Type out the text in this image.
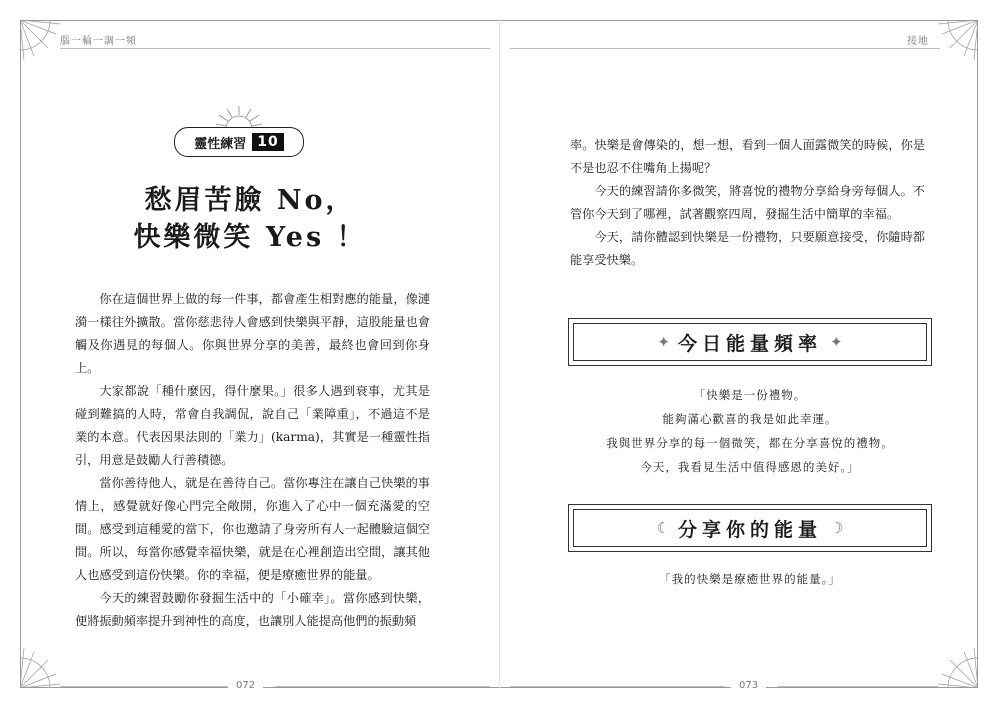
腦一輪一調一頻	接地
靈性練習 10
愁眉苦臉 No，
快樂微笑 Yes ！

你在這個世界上做的每一件事，都會產生相對應的能量，像漣漪一樣往外擴散。當你慈悲待人會感到快樂與平靜，這股能量也會觸及你遇見的每個人。你與世界分享的美善，最終也會回到你身上。

大家都說「種什麼因，得什麼果。」很多人遇到衰事，尤其是碰到難搞的人時，常會自我調侃，說自己「業障重」，不過這不是業的本意。代表因果法則的「業力」(karma)，其實是一種靈性指引，用意是鼓勵人行善積德。

當你善待他人，就是在善待自己。當你專注在讓自己快樂的事情上，感覺就好像心門完全敞開，你進入了心中一個充滿愛的空間。感受到這種愛的當下，你也邀請了身旁所有人一起體驗這個空間。所以，每當你感覺幸福快樂，就是在心裡創造出空間，讓其他人也感受到這份快樂。你的幸福，便是療癒世界的能量。

今天的練習鼓勵你發掘生活中的「小確幸」。當你感到快樂，便將振動頻率提升到神性的高度，也讓別人能提高他們的振動頻

率。快樂是會傳染的，想一想，看到一個人面露微笑的時候，你是不是也忍不住嘴角上揚呢？

今天的練習請你多微笑，將喜悅的禮物分享給身旁每個人。不管你今天到了哪裡，試著觀察四周，發掘生活中簡單的幸福。

今天，請你體認到快樂是一份禮物，只要願意接受，你隨時都能享受快樂。

✦ 今日能量頻率 ✦
「快樂是一份禮物。
能夠滿心歡喜的我是如此幸運。
我與世界分享的每一個微笑，都在分享喜悅的禮物。
今天，我看見生活中值得感恩的美好。」
☾ 分享你的能量 ☽
「我的快樂是療癒世界的能量。」
072	073
